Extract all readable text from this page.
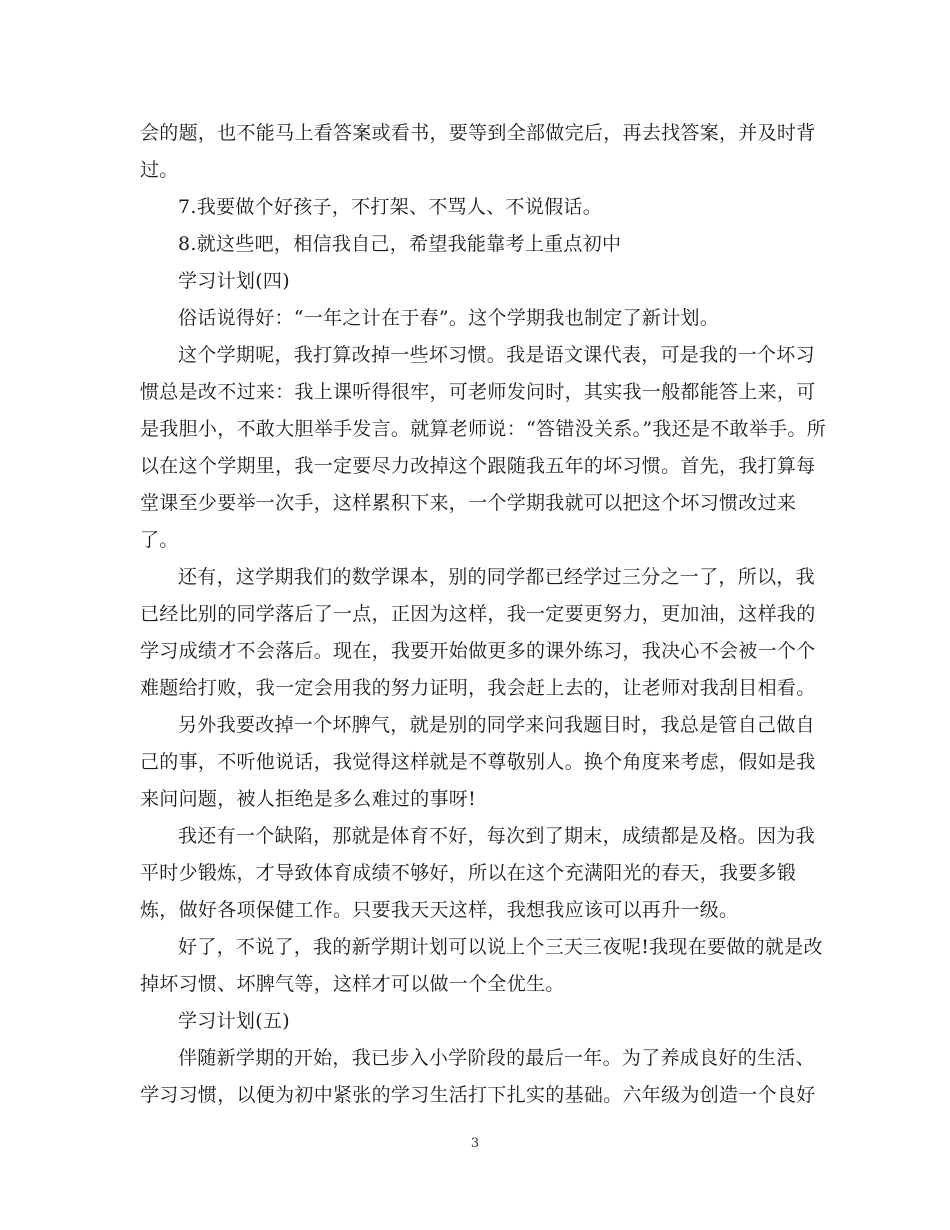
会的题，也不能马上看答案或看书，要等到全部做完后，再去找答案，并及时背
过。
7.我要做个好孩子，不打架、不骂人、不说假话。
8.就这些吧，相信我自己，希望我能靠考上重点初中
学习计划(四)
俗话说得好：“一年之计在于春”。这个学期我也制定了新计划。
这个学期呢，我打算改掉一些坏习惯。我是语文课代表，可是我的一个坏习
惯总是改不过来：我上课听得很牢，可老师发问时，其实我一般都能答上来，可
是我胆小，不敢大胆举手发言。就算老师说：“答错没关系。”我还是不敢举手。所
以在这个学期里，我一定要尽力改掉这个跟随我五年的坏习惯。首先，我打算每
堂课至少要举一次手，这样累积下来，一个学期我就可以把这个坏习惯改过来
了。
还有，这学期我们的数学课本，别的同学都已经学过三分之一了，所以，我
已经比别的同学落后了一点，正因为这样，我一定要更努力，更加油，这样我的
学习成绩才不会落后。现在，我要开始做更多的课外练习，我决心不会被一个个
难题给打败，我一定会用我的努力证明，我会赶上去的，让老师对我刮目相看。
另外我要改掉一个坏脾气，就是别的同学来问我题目时，我总是管自己做自
己的事，不听他说话，我觉得这样就是不尊敬别人。换个角度来考虑，假如是我
来问问题，被人拒绝是多么难过的事呀!
我还有一个缺陷，那就是体育不好，每次到了期末，成绩都是及格。因为我
平时少锻炼，才导致体育成绩不够好，所以在这个充满阳光的春天，我要多锻
炼，做好各项保健工作。只要我天天这样，我想我应该可以再升一级。
好了，不说了，我的新学期计划可以说上个三天三夜呢!我现在要做的就是改
掉坏习惯、坏脾气等，这样才可以做一个全优生。
学习计划(五)
伴随新学期的开始，我已步入小学阶段的最后一年。为了养成良好的生活、
学习习惯，以便为初中紧张的学习生活打下扎实的基础。六年级为创造一个良好
3
